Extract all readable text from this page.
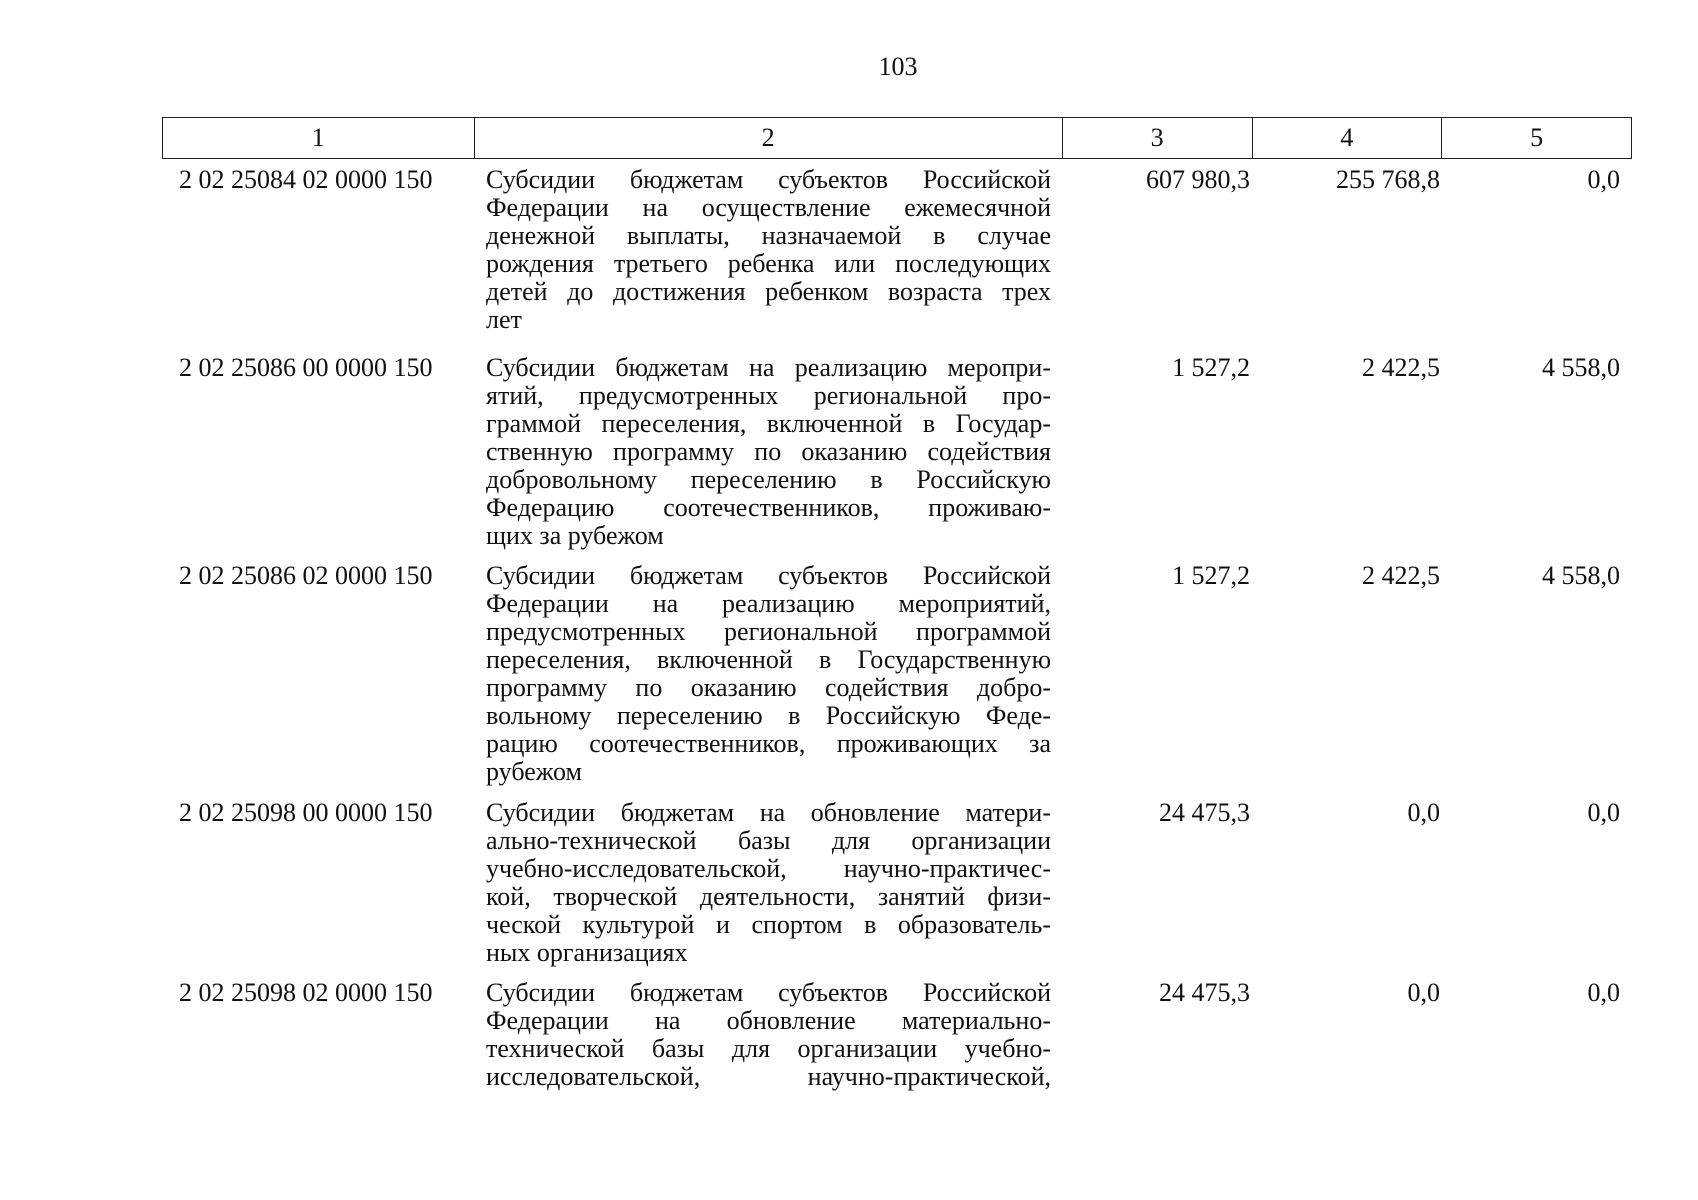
103
1	2	3	4	5
2 02 25084 02 0000 150 Субсидии бюджетам субъектов Российской
Федерации на осуществление ежемесячной
денежной выплаты, назначаемой в случае
рождения третьего ребенка или последующих
детей до достижения ребенком возраста трех
лет
607 980,3	255 768,8	0,0
2 02 25086 00 0000 150 Субсидии бюджетам на реализацию меропри-
ятий, предусмотренных региональной про-
граммой переселения, включенной в Государ-
ственную программу по оказанию содействия
добровольному переселению в Российскую
Федерацию соотечественников, проживаю-
щих за рубежом
1 527,2	2 422,5	4 558,0
2 02 25086 02 0000 150 Субсидии бюджетам субъектов Российской
Федерации на реализацию мероприятий,
предусмотренных региональной программой
переселения, включенной в Государственную
программу по оказанию содействия добро-
вольному переселению в Российскую Феде-
рацию соотечественников, проживающих за
рубежом
1 527,2	2 422,5	4 558,0
2 02 25098 00 0000 150 Субсидии бюджетам на обновление матери-
ально-технической базы для организации
учебно-исследовательской, научно-практичес-
кой, творческой деятельности, занятий физи-
ческой культурой и спортом в образователь-
ных организациях
24 475,3	0,0	0,0
2 02 25098 02 0000 150 Субсидии бюджетам субъектов Российской
Федерации на обновление материально-
технической базы для организации учебно-
исследовательской, научно-практической,
24 475,3	0,0	0,0
